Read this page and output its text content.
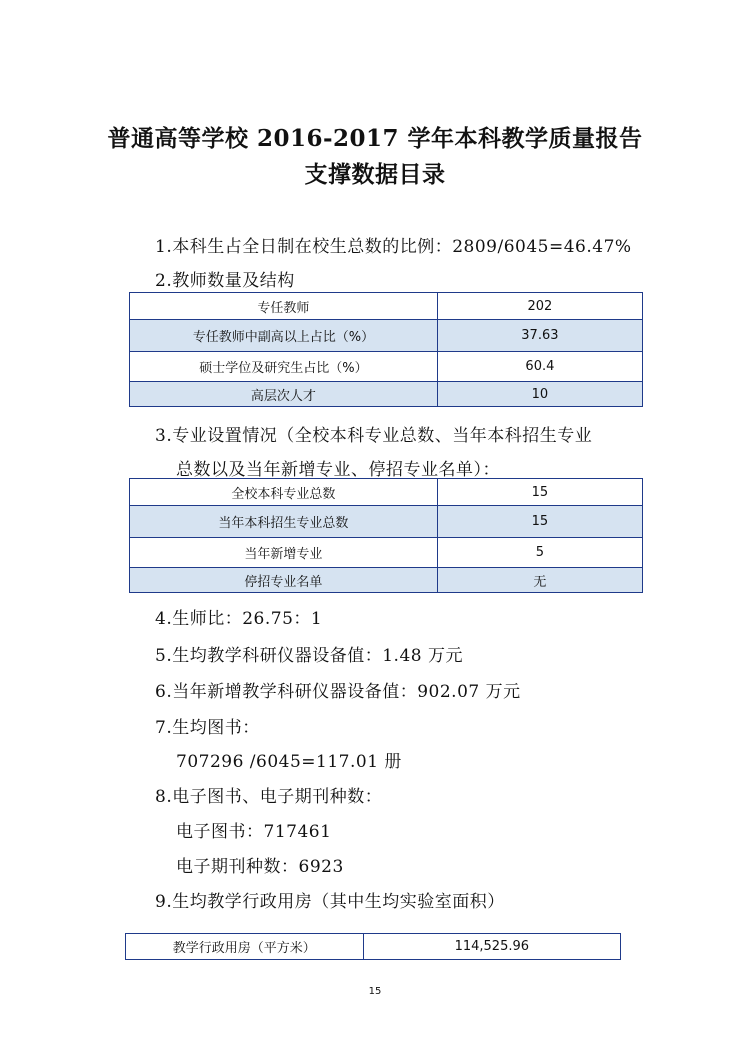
普通高等学校 2016-2017 学年本科教学质量报告
支撑数据目录
1.本科生占全日制在校生总数的比例：2809/6045=46.47%
2.教师数量及结构
专任教师	202
专任教师中副高以上占比（%）	37.63
硕士学位及研究生占比（%）	60.4
高层次人才	10
3.专业设置情况（全校本科专业总数、当年本科招生专业
总数以及当年新增专业、停招专业名单）：
全校本科专业总数	15
当年本科招生专业总数	15
当年新增专业	5
停招专业名单	无
4.生师比：26.75：1
5.生均教学科研仪器设备值：1.48 万元
6.当年新增教学科研仪器设备值：902.07 万元
7.生均图书：
707296 /6045=117.01 册
8.电子图书、电子期刊种数：
电子图书：717461
电子期刊种数：6923
9.生均教学行政用房（其中生均实验室面积）
教学行政用房（平方米）	114,525.96
15
